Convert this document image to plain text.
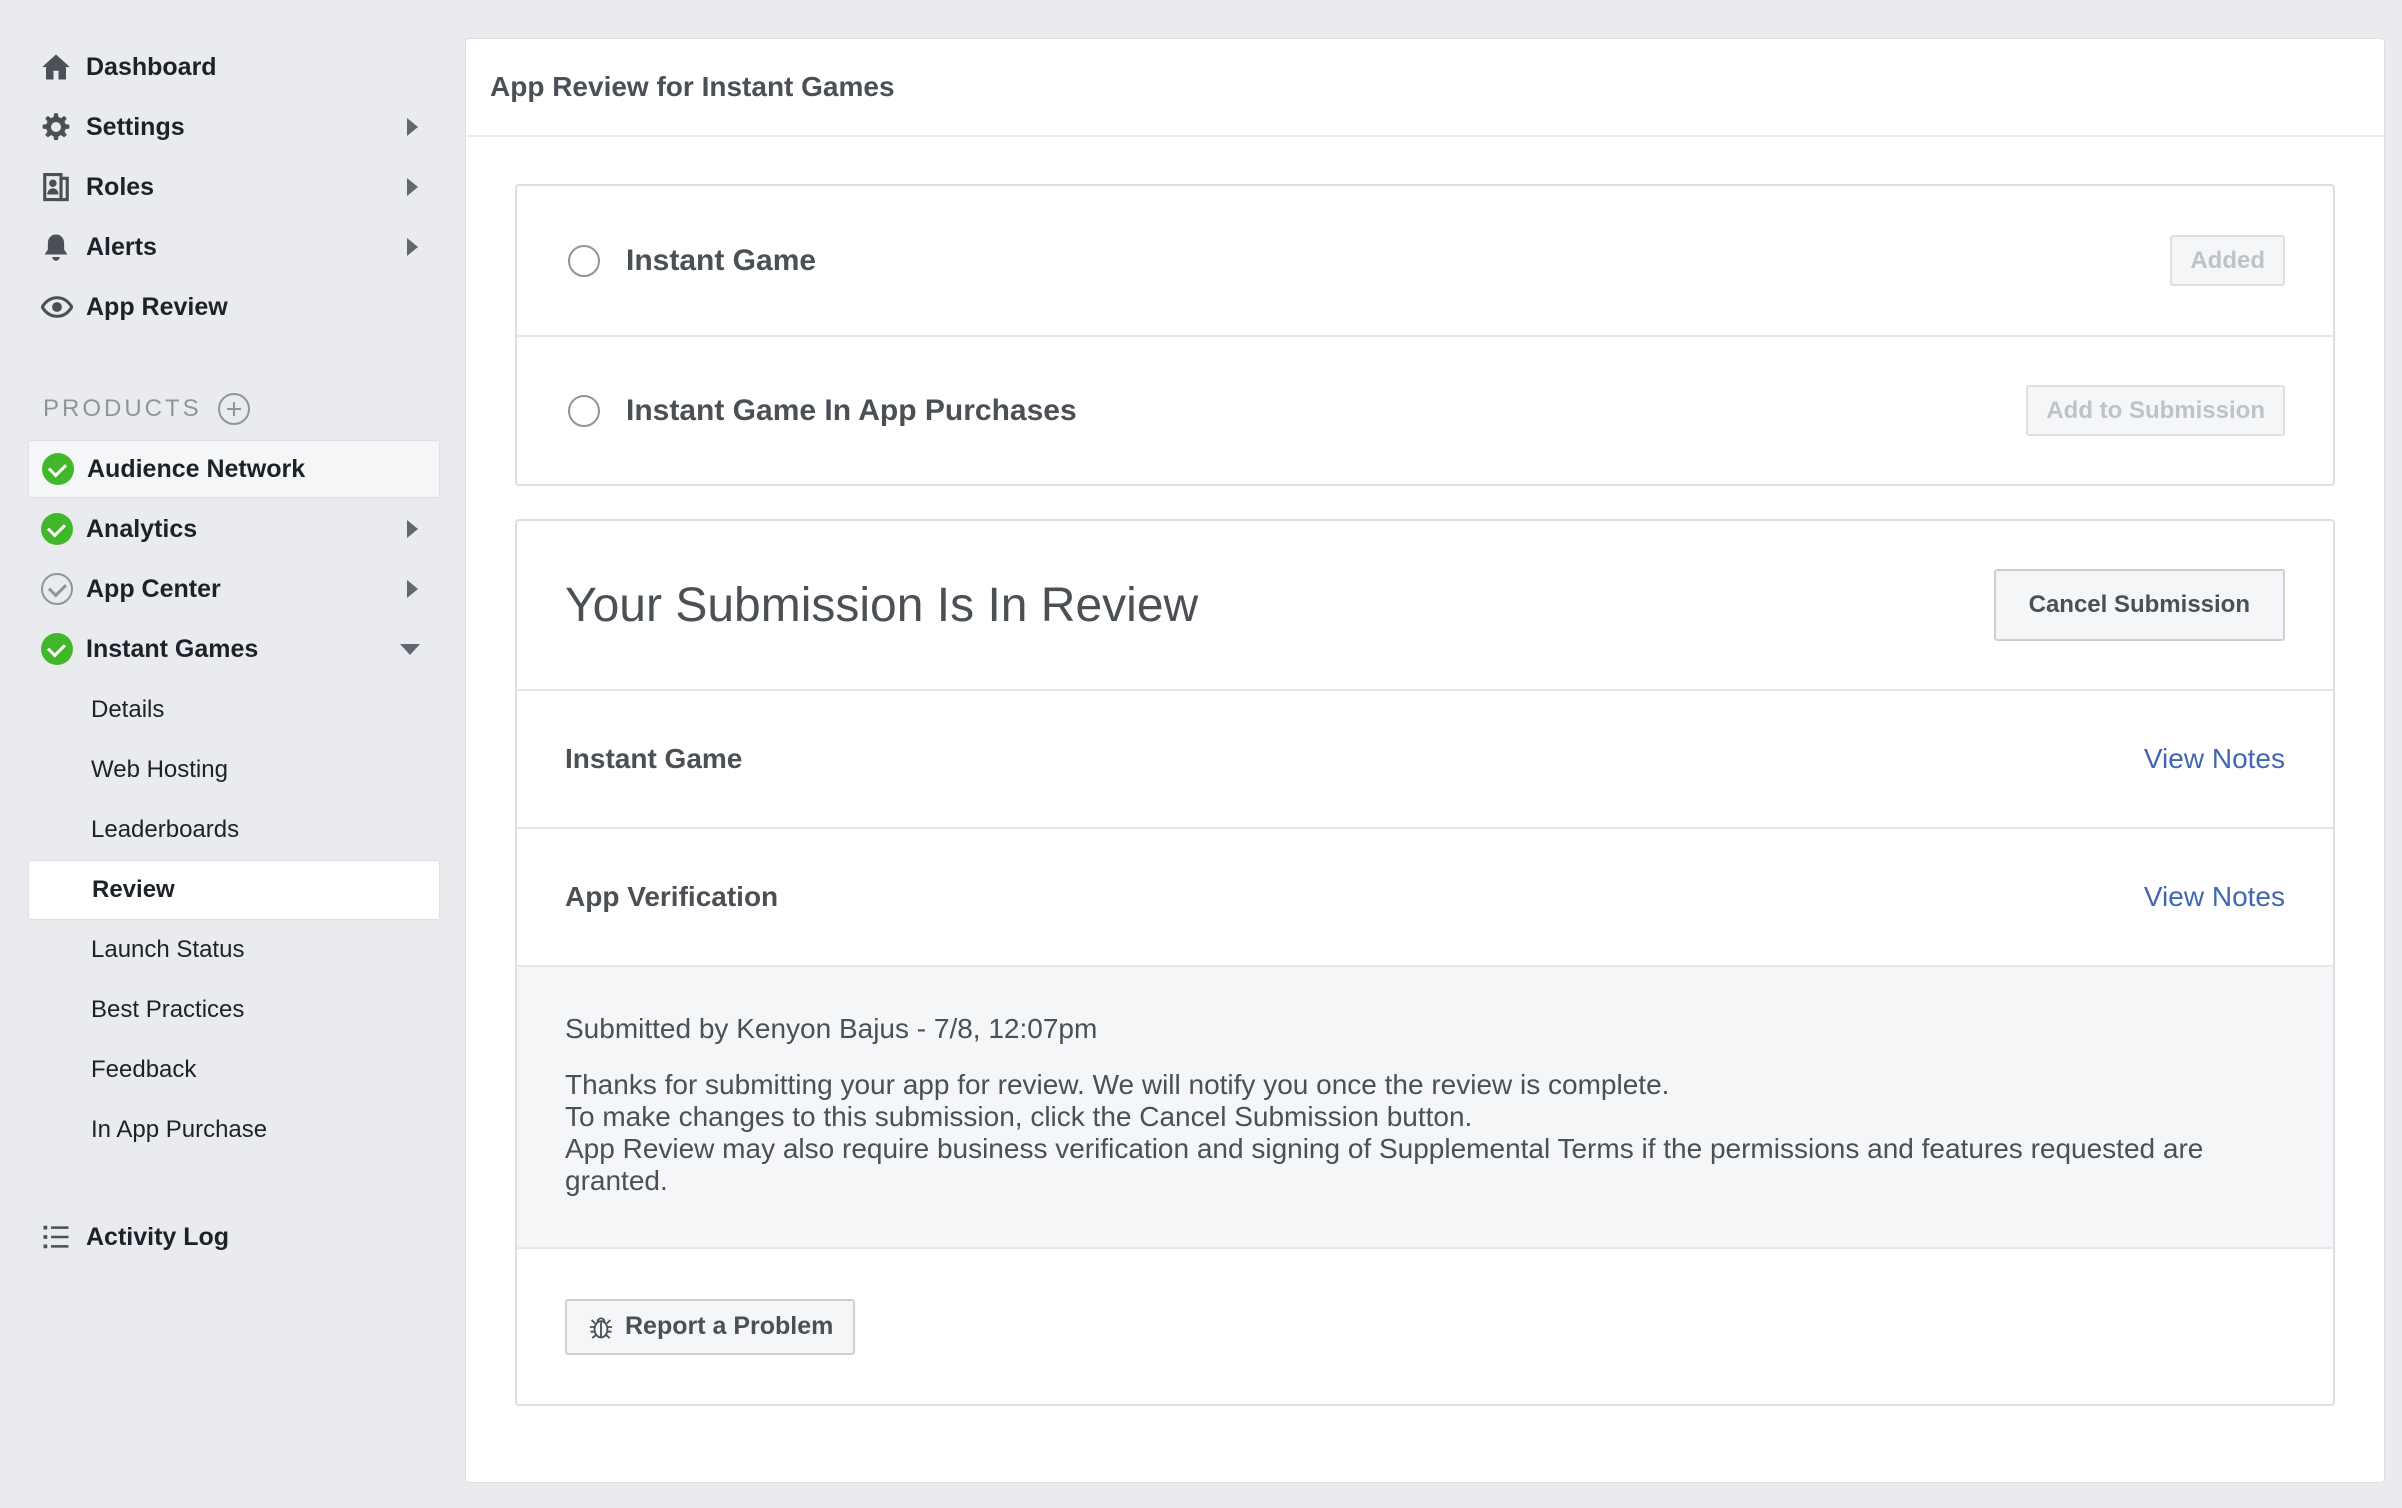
Dashboard
Settings
Roles
Alerts
App Review
PRODUCTS
Audience Network
Analytics
App Center
Instant Games
Details
Web Hosting
Leaderboards
Review
Launch Status
Best Practices
Feedback
In App Purchase
Activity Log
App Review for Instant Games
Instant Game	Added
Instant Game In App Purchases	Add to Submission
Your Submission Is In Review	Cancel Submission
Instant Game	View Notes
App Verification	View Notes
Submitted by Kenyon Bajus - 7/8, 12:07pm
Thanks for submitting your app for review. We will notify you once the review is complete.
To make changes to this submission, click the Cancel Submission button.
App Review may also require business verification and signing of Supplemental Terms if the permissions and features requested are granted.
Report a Problem
